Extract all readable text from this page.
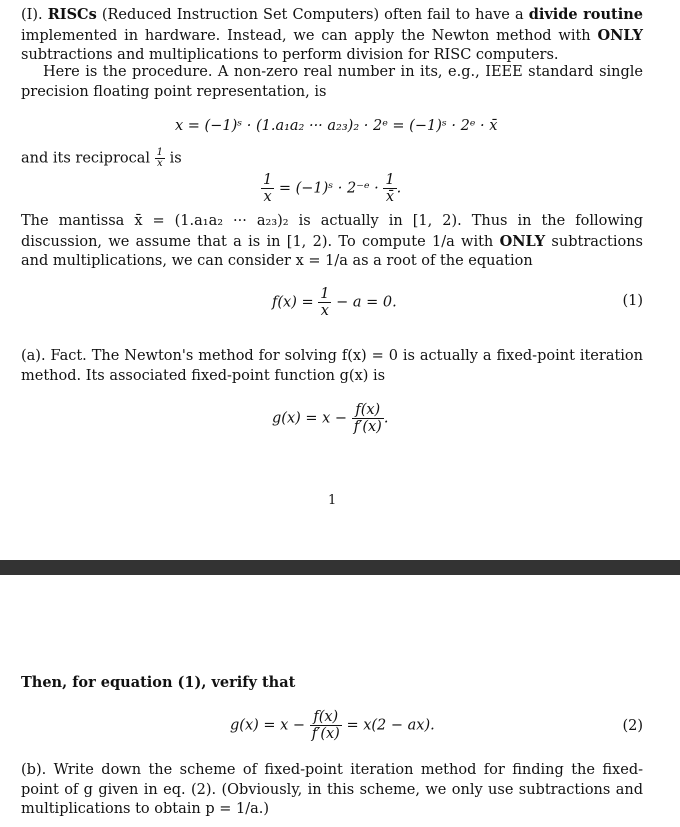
(I). RISCs (Reduced Instruction Set Computers) often fail to have a divide routine implemented in hardware. Instead, we can apply the Newton method with ONLY subtractions and multiplications to perform division for RISC computers.

Here is the procedure. A non-zero real number in its, e.g., IEEE standard single precision floating point representation, is

x = (−1)ˢ · (1.a₁a₂ ··· a₂₃)₂ · 2ᵉ = (−1)ˢ · 2ᵉ · x̄
and its reciprocal $\frac{1}{x}$ is
$\frac{1}{x}$ = (−1)ˢ · 2⁻ᵉ · $\frac{1}{x̄}$ .

The mantissa x̄ = (1.a₁a₂ ··· a₂₃)₂ is actually in [1, 2). Thus in the following discussion, we assume that a is in [1, 2). To compute 1/a with ONLY subtractions and multiplications, we can consider x = 1/a as a root of the equation

$f(x) = \frac{1}{x} - a = 0$.	(1)

(a). Fact. The Newton's method for solving f(x) = 0 is actually a fixed-point iteration method. Its associated fixed-point function g(x) is

$g(x) = x - \frac{f(x)}{f'(x)}$ .
1

Then, for equation (1), verify that

$g(x) = x - \frac{f(x)}{f'(x)} = x(2 - ax)$.	(2)

(b). Write down the scheme of fixed-point iteration method for finding the fixed-point of g given in eq. (2). (Obviously, in this scheme, we only use subtractions and multiplications to obtain p = 1/a.)
